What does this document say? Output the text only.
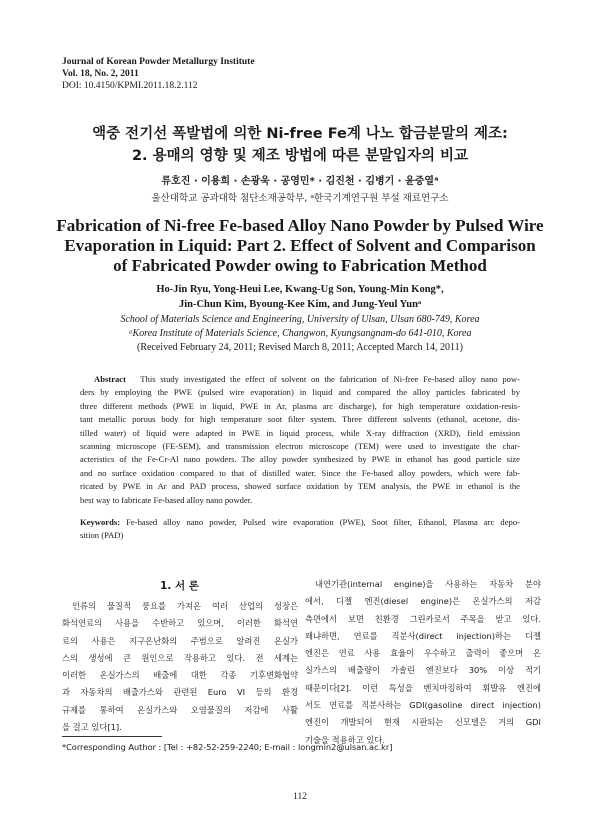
Journal of Korean Powder Metallurgy Institute
Vol. 18, No. 2, 2011
DOI: 10.4150/KPMI.2011.18.2.112
액중 전기선 폭발법에 의한 Ni-free Fe계 나노 합금분말의 제조:
2. 용매의 영향 및 제조 방법에 따른 분말입자의 비교
류호진 · 이용희 · 손광욱 · 공영민* · 김진천 · 김병기 · 윤중열ᵃ
울산대학교 공과대학 첨단소재공학부, ᵃ한국기계연구원 부설 재료연구소
Fabrication of Ni-free Fe-based Alloy Nano Powder by Pulsed Wire
Evaporation in Liquid: Part 2. Effect of Solvent and Comparison
of Fabricated Powder owing to Fabrication Method
Ho-Jin Ryu, Yong-Heui Lee, Kwang-Ug Son, Young-Min Kong*,
Jin-Chun Kim, Byoung-Kee Kim, and Jung-Yeul Yunᵃ
School of Materials Science and Engineering, University of Ulsan, Ulsan 680-749, Korea
ᵃKorea Institute of Materials Science, Changwon, Kyungsangnam-do 641-010, Korea
(Received February 24, 2011; Revised March 8, 2011; Accepted March 14, 2011)
Abstract This study investigated the effect of solvent on the fabrication of Ni-free Fe-based alloy nano pow-
ders by employing the PWE (pulsed wire evaporation) in liquid and compared the alloy particles fabricated by
three different methods (PWE in liquid, PWE in Ar, plasma arc discharge), for high temperature oxidation-resis-
tant metallic porous body for high temperature soot filter system. Three different solvents (ethanol, acetone, dis-
tilled water) of liquid were adapted in PWE in liquid process, while X-ray diffraction (XRD), field emission
scanning microscope (FE-SEM), and transmission electron microscope (TEM) were used to investigate the char-
acteristics of the Fe-Cr-Al nano powders. The alloy powder synthesized by PWE in ethanol has good particle size
and no surface oxidation compared to that of distilled water. Since the Fe-based alloy powders, which were fab-
ricated by PWE in Ar and PAD process, showed surface oxidation by TEM analysis, the PWE in ethanol is the
best way to fabricate Fe-based alloy nano powder.
Keywords: Fe-based alloy nano powder, Pulsed wire evaporation (PWE), Soot filter, Ethanol, Plasma arc depo-
sition (PAD)
1. 서 론
인류의 물질적 풍요를 가져온 여러 산업의 성장은
화석연료의 사용을 수반하고 있으며, 이러한 화석연
료의 사용은 지구온난화의 주범으로 알려진 온실가
스의 생성에 큰 원인으로 작용하고 있다. 전 세계는
이러한 온실가스의 배출에 대한 각종 기후변화협약
과 자동차의 배출가스와 관련된 Euro VI 등의 환경
규제를 통하여 온실가스와 오염물질의 저감에 사활
을 걸고 있다[1].
내연기관(internal engine)을 사용하는 자동차 분야
에서, 디젤 엔진(diesel engine)은 온실가스의 저감
측면에서 보면 친환경 그린카로서 주목을 받고 있다.
왜냐하면, 연료를 직분사(direct injection)하는 디젤
엔진은 연료 사용 효율이 우수하고 출력이 좋으며 온
실가스의 배출량이 가솔린 엔진보다 30% 이상 적기
때문이다[2]. 이런 특성을 벤치마킹하여 휘발유 엔진에
서도 연료를 직분사하는 GDI(gasoline direct injection)
엔진이 개발되어 현재 시판되는 신모델은 거의 GDI
기술을 적용하고 있다.
*Corresponding Author : [Tel : +82-52-259-2240; E-mail : longmin2@ulsan.ac.kr]
112
